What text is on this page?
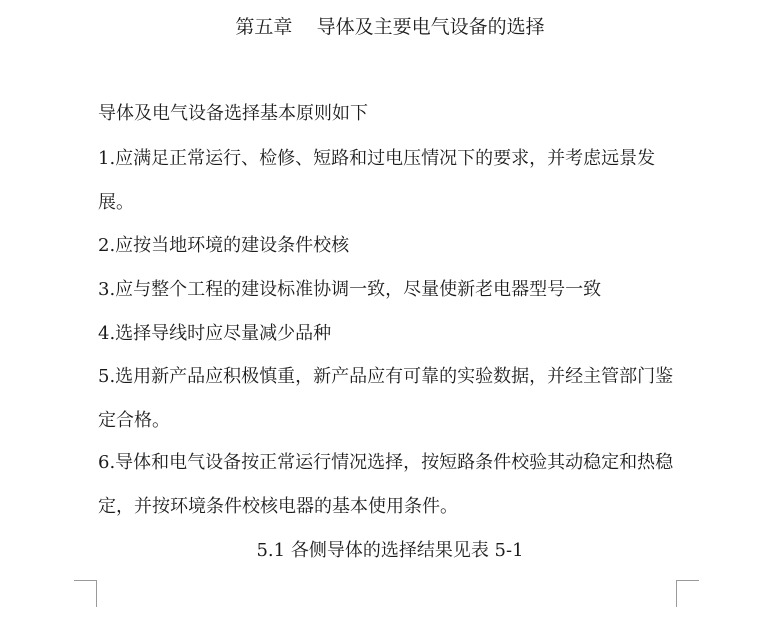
第五章    导体及主要电气设备的选择
导体及电气设备选择基本原则如下
1.应满足正常运行、检修、短路和过电压情况下的要求，并考虑远景发展。
2.应按当地环境的建设条件校核
3.应与整个工程的建设标准协调一致，尽量使新老电器型号一致
4.选择导线时应尽量减少品种
5.选用新产品应积极慎重，新产品应有可靠的实验数据，并经主管部门鉴定合格。
6.导体和电气设备按正常运行情况选择，按短路条件校验其动稳定和热稳定，并按环境条件校核电器的基本使用条件。
5.1 各侧导体的选择结果见表 5-1
